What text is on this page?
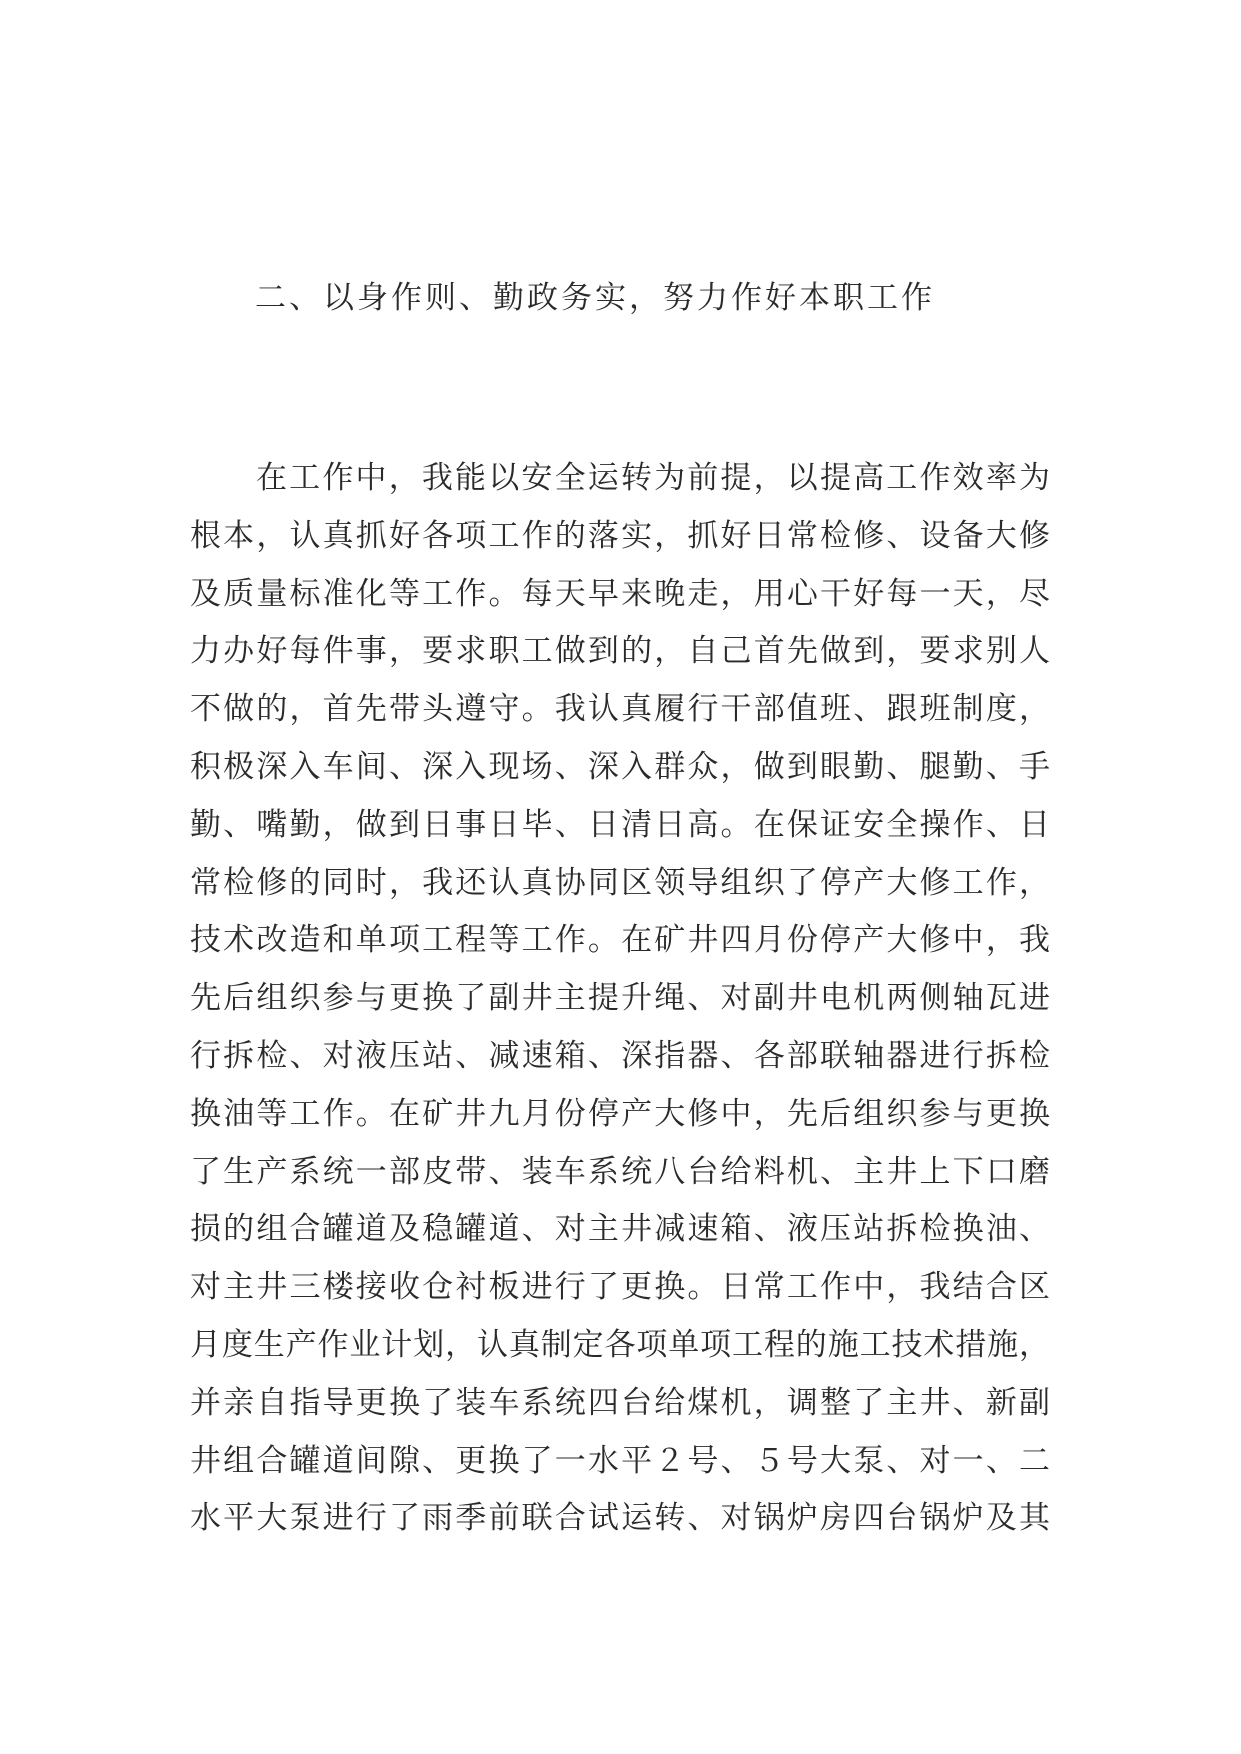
二、以身作则、勤政务实，努力作好本职工作
在工作中，我能以安全运转为前提，以提高工作效率为
根本，认真抓好各项工作的落实，抓好日常检修、设备大修
及质量标准化等工作。每天早来晚走，用心干好每一天，尽
力办好每件事，要求职工做到的，自己首先做到，要求别人
不做的，首先带头遵守。我认真履行干部值班、跟班制度，
积极深入车间、深入现场、深入群众，做到眼勤、腿勤、手
勤、嘴勤，做到日事日毕、日清日高。在保证安全操作、日
常检修的同时，我还认真协同区领导组织了停产大修工作，
技术改造和单项工程等工作。在矿井四月份停产大修中，我
先后组织参与更换了副井主提升绳、对副井电机两侧轴瓦进
行拆检、对液压站、减速箱、深指器、各部联轴器进行拆检
换油等工作。在矿井九月份停产大修中，先后组织参与更换
了生产系统一部皮带、装车系统八台给料机、主井上下口磨
损的组合罐道及稳罐道、对主井减速箱、液压站拆检换油、
对主井三楼接收仓衬板进行了更换。日常工作中，我结合区
月度生产作业计划，认真制定各项单项工程的施工技术措施，
并亲自指导更换了装车系统四台给煤机，调整了主井、新副
井组合罐道间隙、更换了一水平２号、５号大泵、对一、二
水平大泵进行了雨季前联合试运转、对锅炉房四台锅炉及其
